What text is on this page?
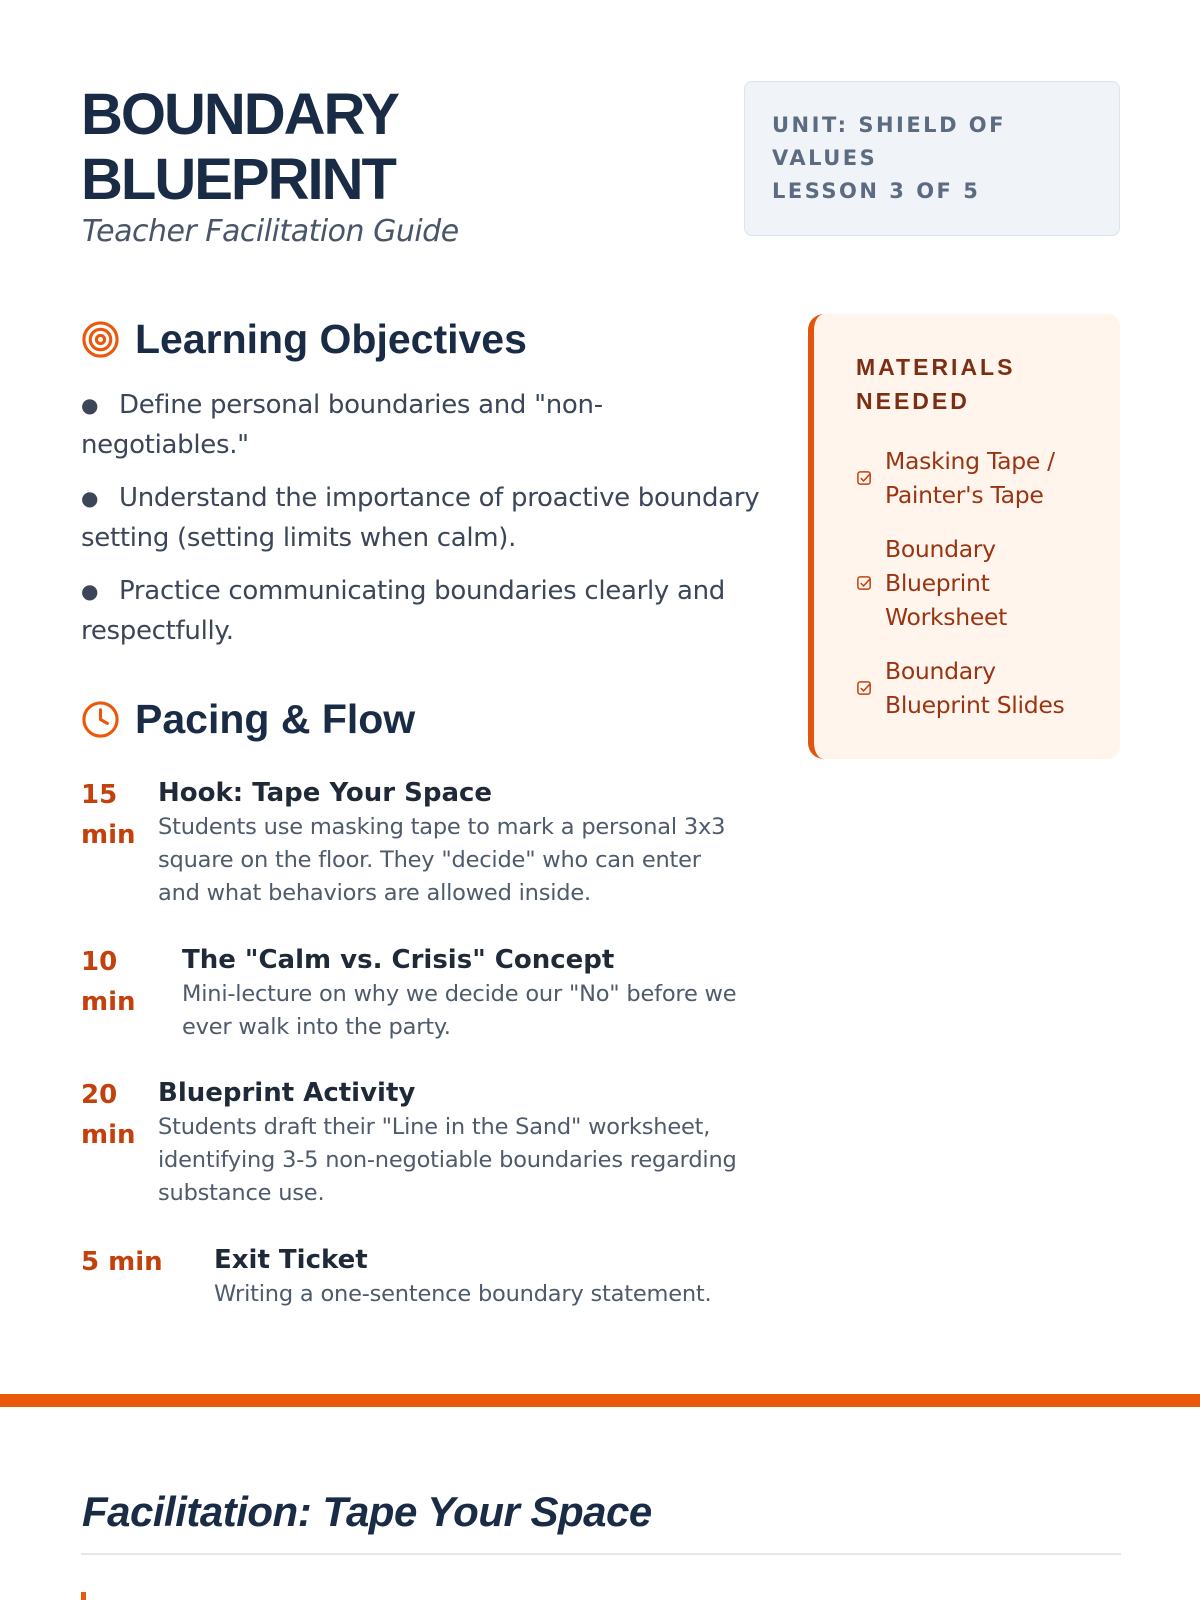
BOUNDARY
BLUEPRINT

Teacher Facilitation Guide

UNIT: SHIELD OF
VALUES
LESSON 3 OF 5
Learning Objectives
● Define personal boundaries and "non-negotiables."
● Understand the importance of proactive boundary setting (setting limits when calm).
● Practice communicating boundaries clearly and respectfully.
Pacing & Flow
15 min

Hook: Tape Your Space

Students use masking tape to mark a personal 3x3 square on the floor. They "decide" who can enter and what behaviors are allowed inside.

10 min

The "Calm vs. Crisis" Concept

Mini-lecture on why we decide our "No" before we ever walk into the party.

20 min

Blueprint Activity

Students draft their "Line in the Sand" worksheet, identifying 3-5 non-negotiable boundaries regarding substance use.

5 min	Exit Ticket

Writing a one-sentence boundary statement.

MATERIALS
NEEDED

Masking Tape / Painter's Tape
Boundary Blueprint Worksheet
Boundary Blueprint Slides
Facilitation: Tape Your Space
